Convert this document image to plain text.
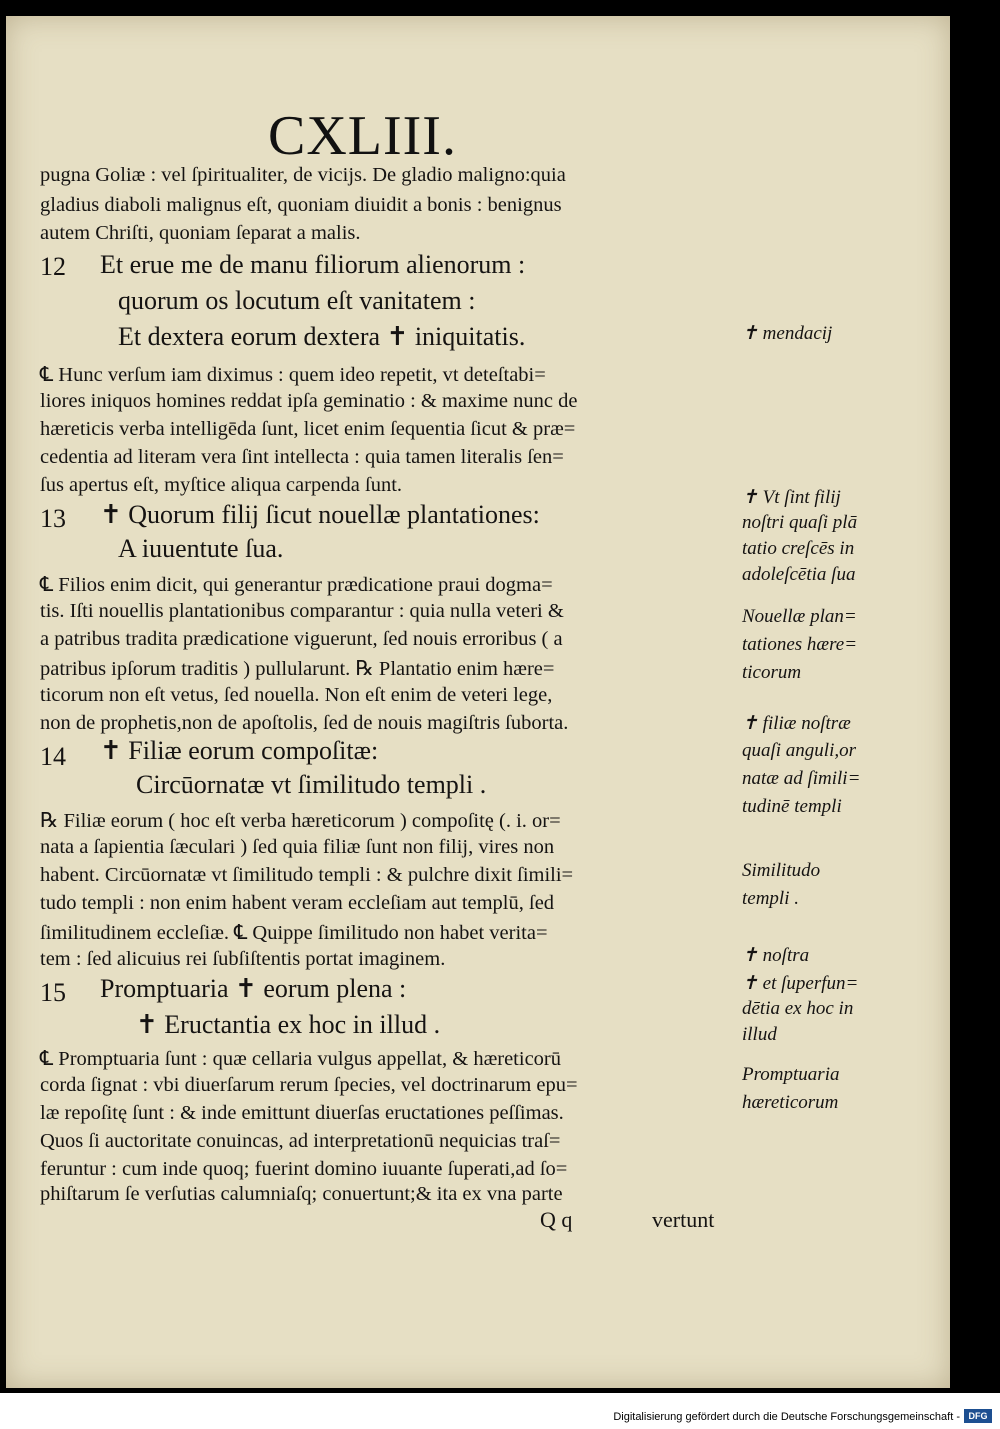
CXLIII.
pugna Goliæ : vel ſpiritualiter, de vicijs. De gladio maligno:quia
gladius diaboli malignus eſt, quoniam diuidit a bonis : benignus
autem Chriſti, quoniam ſeparat a malis.
12 Et erue me de manu filiorum alienorum :
quorum os locutum eſt vanitatem :
Et dextera eorum dextera ✝ iniquitatis.
℄ Hunc verſum iam diximus : quem ideo repetit, vt deteſtabi=
liores iniquos homines reddat ipſa geminatio : & maxime nunc de
hæreticis verba intelligēda ſunt, licet enim ſequentia ſicut & præ=
cedentia ad literam vera ſint intellecta : quia tamen literalis ſen=
ſus apertus eſt, myſtice aliqua carpenda ſunt.
13 ✝ Quorum filij ſicut nouellæ plantationes:
A iuuentute ſua.
℄ Filios enim dicit, qui generantur prædicatione praui dogma=
tis. Iſti nouellis plantationibus comparantur : quia nulla veteri &
a patribus tradita prædicatione viguerunt, ſed nouis erroribus ( a
patribus ipſorum traditis ) pullularunt. ℞ Plantatio enim hære=
ticorum non eſt vetus, ſed nouella. Non eſt enim de veteri lege,
non de prophetis,non de apoſtolis, ſed de nouis magiſtris ſuborta.
14 ✝ Filiæ eorum compoſitæ:
Circūornatæ vt ſimilitudo templi .
℞ Filiæ eorum ( hoc eſt verba hæreticorum ) compoſitę (. i. or=
nata a ſapientia ſæculari ) ſed quia filiæ ſunt non filij, vires non
habent. Circūornatæ vt ſimilitudo templi : & pulchre dixit ſimili=
tudo templi : non enim habent veram eccleſiam aut templū, ſed
ſimilitudinem eccleſiæ. ℄ Quippe ſimilitudo non habet verita=
tem : ſed alicuius rei ſubſiſtentis portat imaginem.
15 Promptuaria ✝ eorum plena :
✝ Eructantia ex hoc in illud .
℄ Promptuaria ſunt : quæ cellaria vulgus appellat, & hæreticorū
corda ſignat : vbi diuerſarum rerum ſpecies, vel doctrinarum epu=
læ repoſitę ſunt : & inde emittunt diuerſas eructationes peſſimas.
Quos ſi auctoritate conuincas, ad interpretationū nequicias traſ=
feruntur : cum inde quoq; fuerint domino iuuante ſuperati,ad ſo=
phiſtarum ſe verſutias calumniaſq; conuertunt;& ita ex vna parte
Q q	vertunt
✝ mendacij
✝ Vt ſint filij
noſtri quaſi plā
tatio creſcēs in
adoleſcētia ſua
Nouellæ plan=
tationes hære=
ticorum
✝ filiæ noſtræ
quaſi anguli,or
natæ ad ſimili=
tudinē templi
Similitudo
templi .
✝ noſtra
✝ et ſuperfun=
dētia ex hoc in
illud
Promptuaria
hæreticorum
Digitalisierung gefördert durch die Deutsche Forschungsgemeinschaft - DFG
